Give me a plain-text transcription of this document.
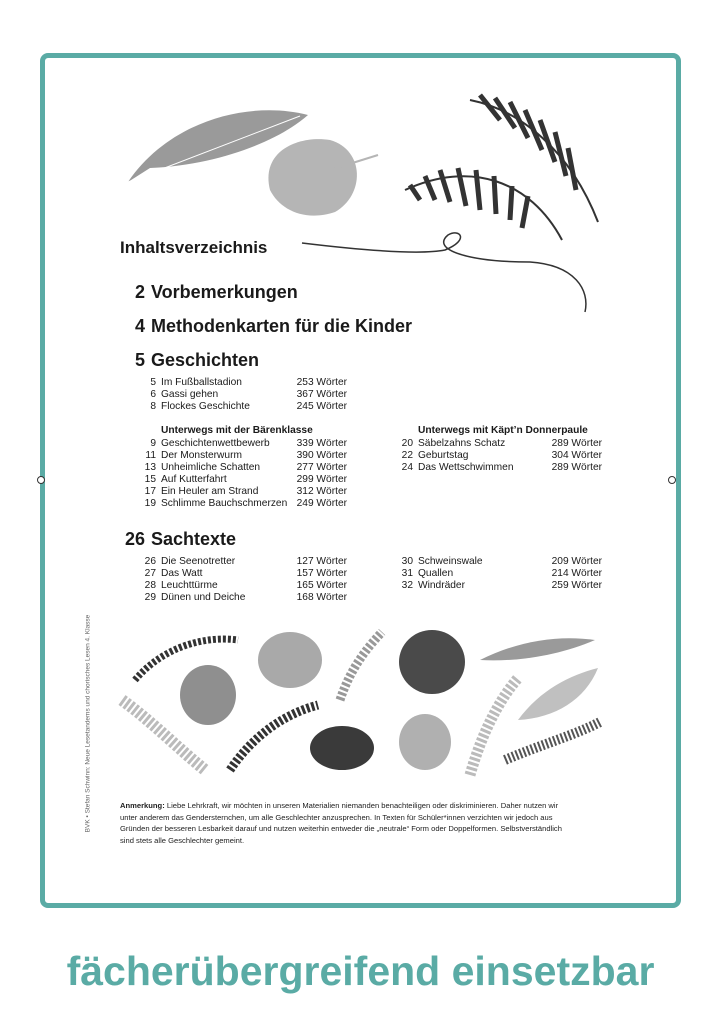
Inhaltsverzeichnis
2 Vorbemerkungen
4 Methodenkarten für die Kinder
5 Geschichten
26 Sachtexte
5 Im Fußballstadion	253 Wörter
6 Gassi gehen	367 Wörter
8 Flockes Geschichte	245 Wörter
Unterwegs mit der Bärenklasse
9 Geschichtenwettbewerb	339 Wörter
11 Der Monsterwurm	390 Wörter
13 Unheimliche Schatten	277 Wörter
15 Auf Kutterfahrt	299 Wörter
17 Ein Heuler am Strand	312 Wörter
19 Schlimme Bauchschmerzen 249 Wörter
Unterwegs mit Käpt’n Donnerpaule
20 Säbelzahns Schatz	289 Wörter
22 Geburtstag	304 Wörter
24 Das Wettschwimmen	289 Wörter
26 Die Seenotretter	127 Wörter
27 Das Watt	157 Wörter
28 Leuchttürme	165 Wörter
29 Dünen und Deiche	168 Wörter
30 Schweinswale	209 Wörter
31 Quallen	214 Wörter
32 Windräder	259 Wörter
BVK • Stefan Schwinn: Neue Lesetandems und chorisches Lesen 4. Klasse	Anmerkung: Liebe Lehrkraft, wir möchten in unseren Materialien niemanden benachteiligen oder diskriminieren. Daher nutzen wir unter anderem das Gendersternchen, um alle Geschlechter anzusprechen. In Texten für Schüler*innen verzichten wir jedoch aus Gründen der besseren Lesbarkeit darauf und nutzen weiterhin entweder die „neutrale“ Form oder Doppelformen. Selbstverständlich sind stets alle Geschlechter gemeint.
fächerübergreifend einsetzbar
